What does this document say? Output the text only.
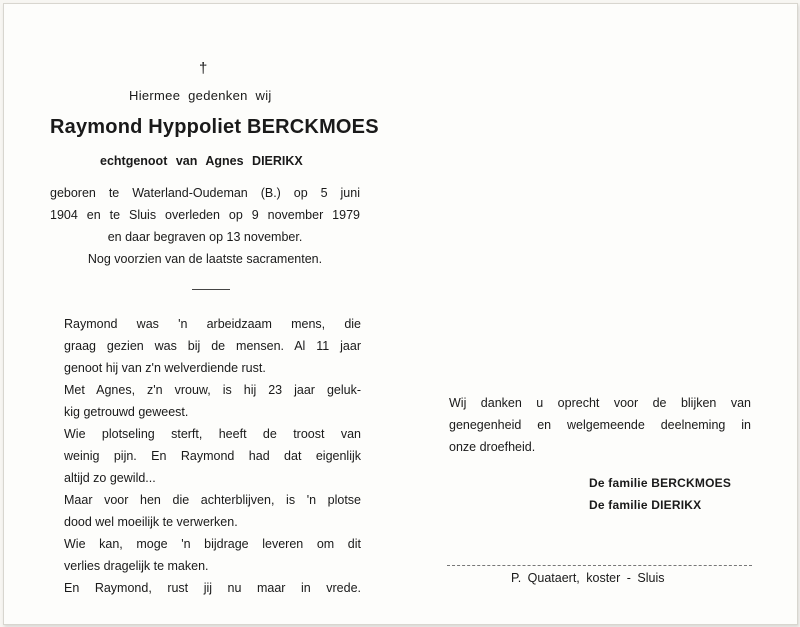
†
Hiermee gedenken wij
Raymond Hyppoliet BERCKMOES
echtgenoot van Agnes DIERIKX
geboren te Waterland-Oudeman (B.) op 5 juni
1904 en te Sluis overleden op 9 november 1979
en daar begraven op 13 november.
Nog voorzien van de laatste sacramenten.
Raymond was 'n arbeidzaam mens, die
graag gezien was bij de mensen. Al 11 jaar
genoot hij van z'n welverdiende rust.
Met Agnes, z'n vrouw, is hij 23 jaar geluk-
kig getrouwd geweest.
Wie plotseling sterft, heeft de troost van
weinig pijn. En Raymond had dat eigenlijk
altijd zo gewild...
Maar voor hen die achterblijven, is 'n plotse
dood wel moeilijk te verwerken.
Wie kan, moge 'n bijdrage leveren om dit
verlies dragelijk te maken.
En Raymond, rust jij nu maar in vrede.
Wij danken u oprecht voor de blijken van
genegenheid en welgemeende deelneming in
onze droefheid.
De familie BERCKMOES
De familie DIERIKX
P. Quataert, koster - Sluis
